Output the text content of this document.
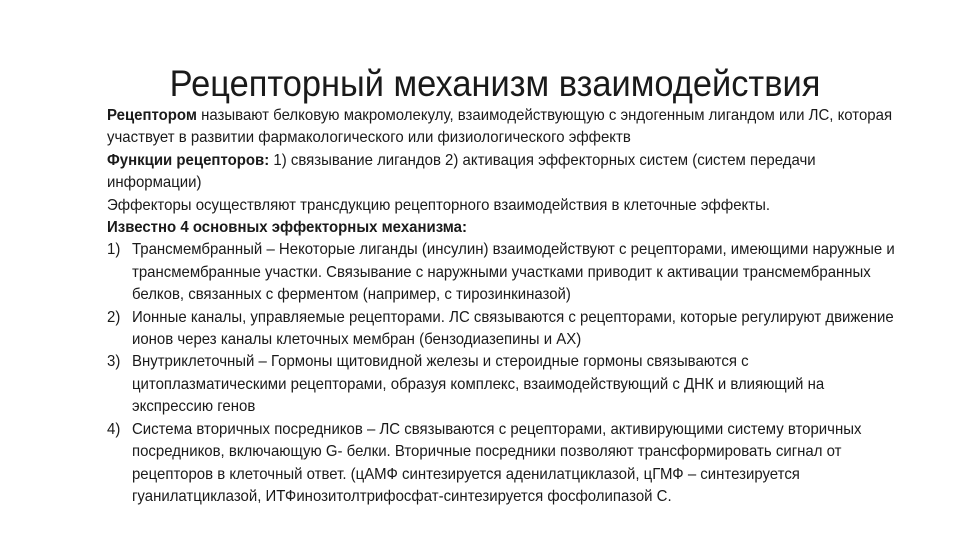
Рецепторный механизм взаимодействия

Рецептором называют белковую макромолекулу, взаимодействующую с эндогенным лигандом или ЛС, которая участвует в развитии фармакологического или физиологического эффектв

Функции рецепторов: 1) связывание лигандов 2) активация эффекторных систем (систем передачи информации)

Эффекторы осуществляют трансдукцию рецепторного взаимодействия в клеточные эффекты.

Известно 4 основных эффекторных механизма:

1) Трансмембранный – Некоторые лиганды (инсулин) взаимодействуют с рецепторами, имеющими наружные и трансмембранные участки. Связывание с наружными участками приводит к активации трансмембранных белков, связанных с ферментом (например, с тирозинкиназой)
2) Ионные каналы, управляемые рецепторами. ЛС связываются с рецепторами, которые регулируют движение ионов через каналы клеточных мембран (бензодиазепины и АХ)
3) Внутриклеточный – Гормоны щитовидной железы и стероидные гормоны связываются с цитоплазматическими рецепторами, образуя комплекс, взаимодействующий с ДНК и влияющий на экспрессию генов
4) Система вторичных посредников – ЛС связываются с рецепторами, активирующими систему вторичных посредников, включающую G- белки. Вторичные посредники позволяют трансформировать сигнал от рецепторов в клеточный ответ. (цАМФ синтезируется аденилатциклазой, цГМФ – синтезируется гуанилатциклазой, ИТФинозитолтрифосфат-синтезируется фосфолипазой С.
